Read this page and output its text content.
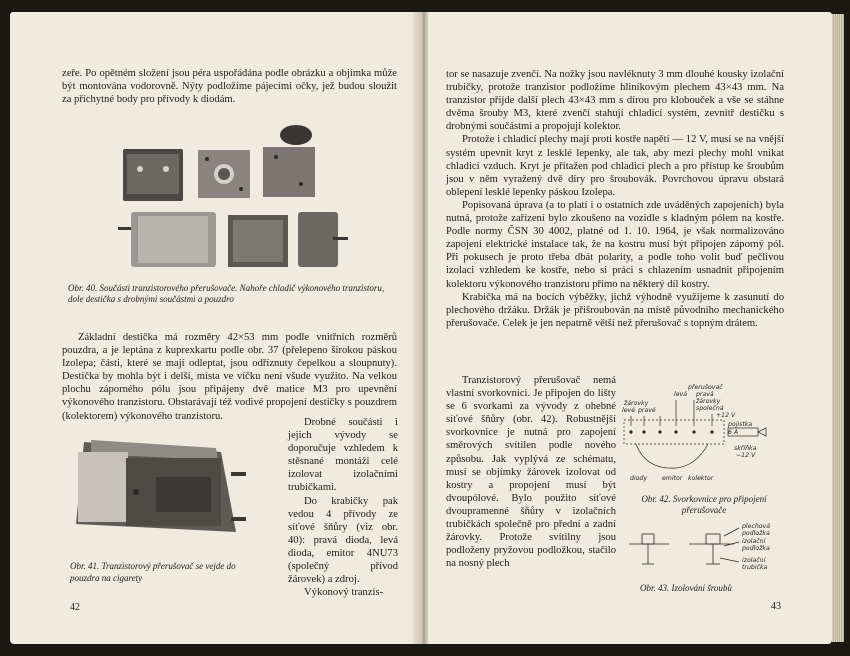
zeře. Po opětném složení jsou péra uspořádána podle obrázku a objímka může být montována vodorovně. Nýty podložíme pájecími očky, jež budou sloužit za příchytné body pro přívody k diodám.

Obr. 40. Součásti tranzistorového přerušovače. Nahoře chladič výkonového tranzistoru, dole destička s drobnými součástmi a pouzdro

Základní destička má rozměry 42×53 mm podle vnitřních rozměrů pouzdra, a je leptána z kuprexkartu podle obr. 37 (přelepeno širokou páskou Izolepa; části, které se mají odleptat, jsou odříznuty čepelkou a sloupnuty). Destička by mohla být i delší, místa ve víčku není všude využito. Na velkou plochu záporného pólu jsou připájeny dvě matice M3 pro upevnění výkonového tranzistoru. Obstarávají též vodivé propojení destičky s pouzdrem (kolektorem) výkonového tranzistoru.

Obr. 41. Tranzistorový přerušovač se vejde do pouzdra na cigarety

Drobné součásti i jejich vývody se doporučuje vzhledem k stěsnané montáži celé izolovat izolačními trubičkami.

Do krabičky pak vedou 4 přívody ze síťové šňůry (viz obr. 40): pravá dioda, levá dioda, emitor 4NU73 (společný přívod žárovek) a zdroj.

Výkonový tranzis-

42

tor se nasazuje zvenčí. Na nožky jsou navléknuty 3 mm dlouhé kousky izolační trubičky, protože tranzistor podložíme hliníkovým plechem 43×43 mm. Na tranzistor přijde další plech 43×43 mm s dírou pro klobouček a vše se stáhne dvěma šrouby M3, které zvenčí stahují chladicí systém, zevnitř destičku s drobnými součástmi a propojují kolektor.

Protože i chladicí plechy mají proti kostře napětí — 12 V, musí se na vnější systém upevnit kryt z lesklé lepenky, ale tak, aby mezi plechy mohl vnikat chladicí vzduch. Kryt je přitažen pod chladicí plech a pro přístup ke šroubům jsou v něm vyražený dvě díry pro šroubovák. Povrchovou úpravu obstará oblepení lesklé lepenky páskou Izolepa.

Popisovaná úprava (a to platí i o ostatních zde uváděných zapojeních) byla nutná, protože zařízení bylo zkoušeno na vozidle s kladným pólem na kostře. Podle normy ČSN 30 4002, platné od 1. 10. 1964, je však normalizováno zapojení elektrické instalace tak, že na kostru musí být připojen záporný pól. Při pokusech je proto třeba dbát polarity, a podle toho volit buď pečlivou izolaci vzhledem ke kostře, nebo si práci s chlazením usnadnit připojením kolektoru výkonového tranzistoru přímo na některý díl kostry.

Krabička má na bocích výběžky, jichž výhodně využijeme k zasunutí do plechového držáku. Držák je přišroubován na místě původního mechanického přerušovače. Celek je jen nepatrně větší než přerušovač s topným drátem.

Tranzistorový přerušovač nemá vlastní svorkovnici. Je připojen do lišty se 6 svorkami za vývody z ohebné síťové šňůry (obr. 42). Robustnější svorkovnice je nutná pro zapojení směrových svítilen podle nového způsobu. Jak vyplývá ze schématu, musí se objímky žárovek izolovat od kostry a propojení musí být dvoupólové. Bylo použito síťové dvoupramenné šňůry v izolačních trubičkách společně pro přední a zadní žárovky. Protože svítilny jsou podloženy pryžovou podložkou, stačilo na nosný plech

žárovky
levé pravé
přerušovač
levá pravá
žárovky
společná
+12 V
pojistka
6 A
skříňka
−12 V
diody emitor kolektor
Obr. 42. Svorkovnice pro připojení přerušovače
plechová
podložka
izolační
podložka
izolační
trubička
Obr. 43. Izolování šroubů
43
